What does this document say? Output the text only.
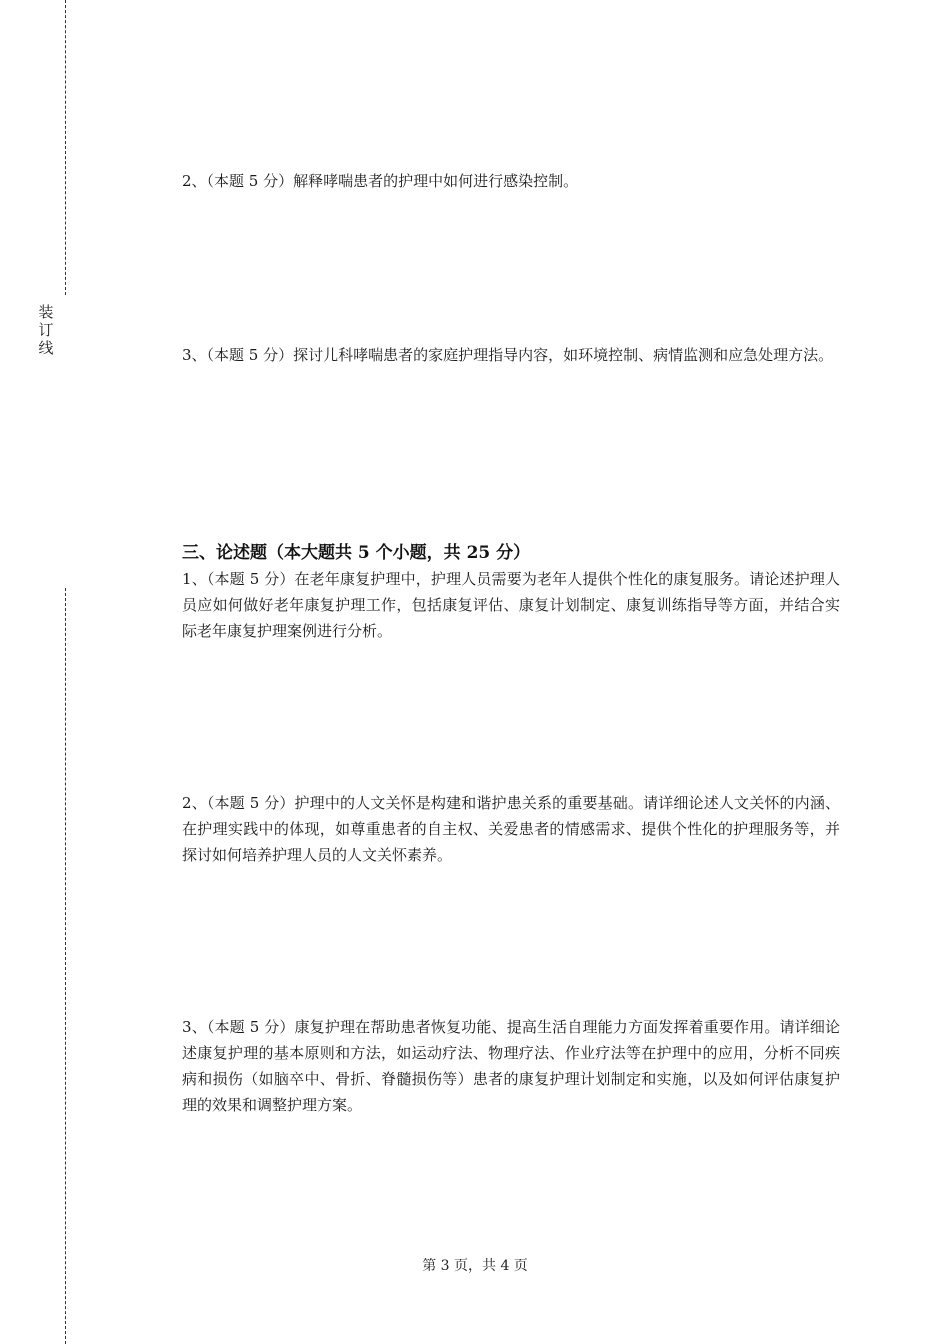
装
订
线
2、（本题 5 分）解释哮喘患者的护理中如何进行感染控制。
3、（本题 5 分）探讨儿科哮喘患者的家庭护理指导内容，如环境控制、病情监测和应急处理方法。
三、论述题（本大题共 5 个小题，共 25 分）
1、（本题 5 分）在老年康复护理中，护理人员需要为老年人提供个性化的康复服务。请论述护理人员应如何做好老年康复护理工作，包括康复评估、康复计划制定、康复训练指导等方面，并结合实际老年康复护理案例进行分析。
2、（本题 5 分）护理中的人文关怀是构建和谐护患关系的重要基础。请详细论述人文关怀的内涵、在护理实践中的体现，如尊重患者的自主权、关爱患者的情感需求、提供个性化的护理服务等，并探讨如何培养护理人员的人文关怀素养。
3、（本题 5 分）康复护理在帮助患者恢复功能、提高生活自理能力方面发挥着重要作用。请详细论述康复护理的基本原则和方法，如运动疗法、物理疗法、作业疗法等在护理中的应用，分析不同疾病和损伤（如脑卒中、骨折、脊髓损伤等）患者的康复护理计划制定和实施，以及如何评估康复护理的效果和调整护理方案。
第 3 页，共 4 页
